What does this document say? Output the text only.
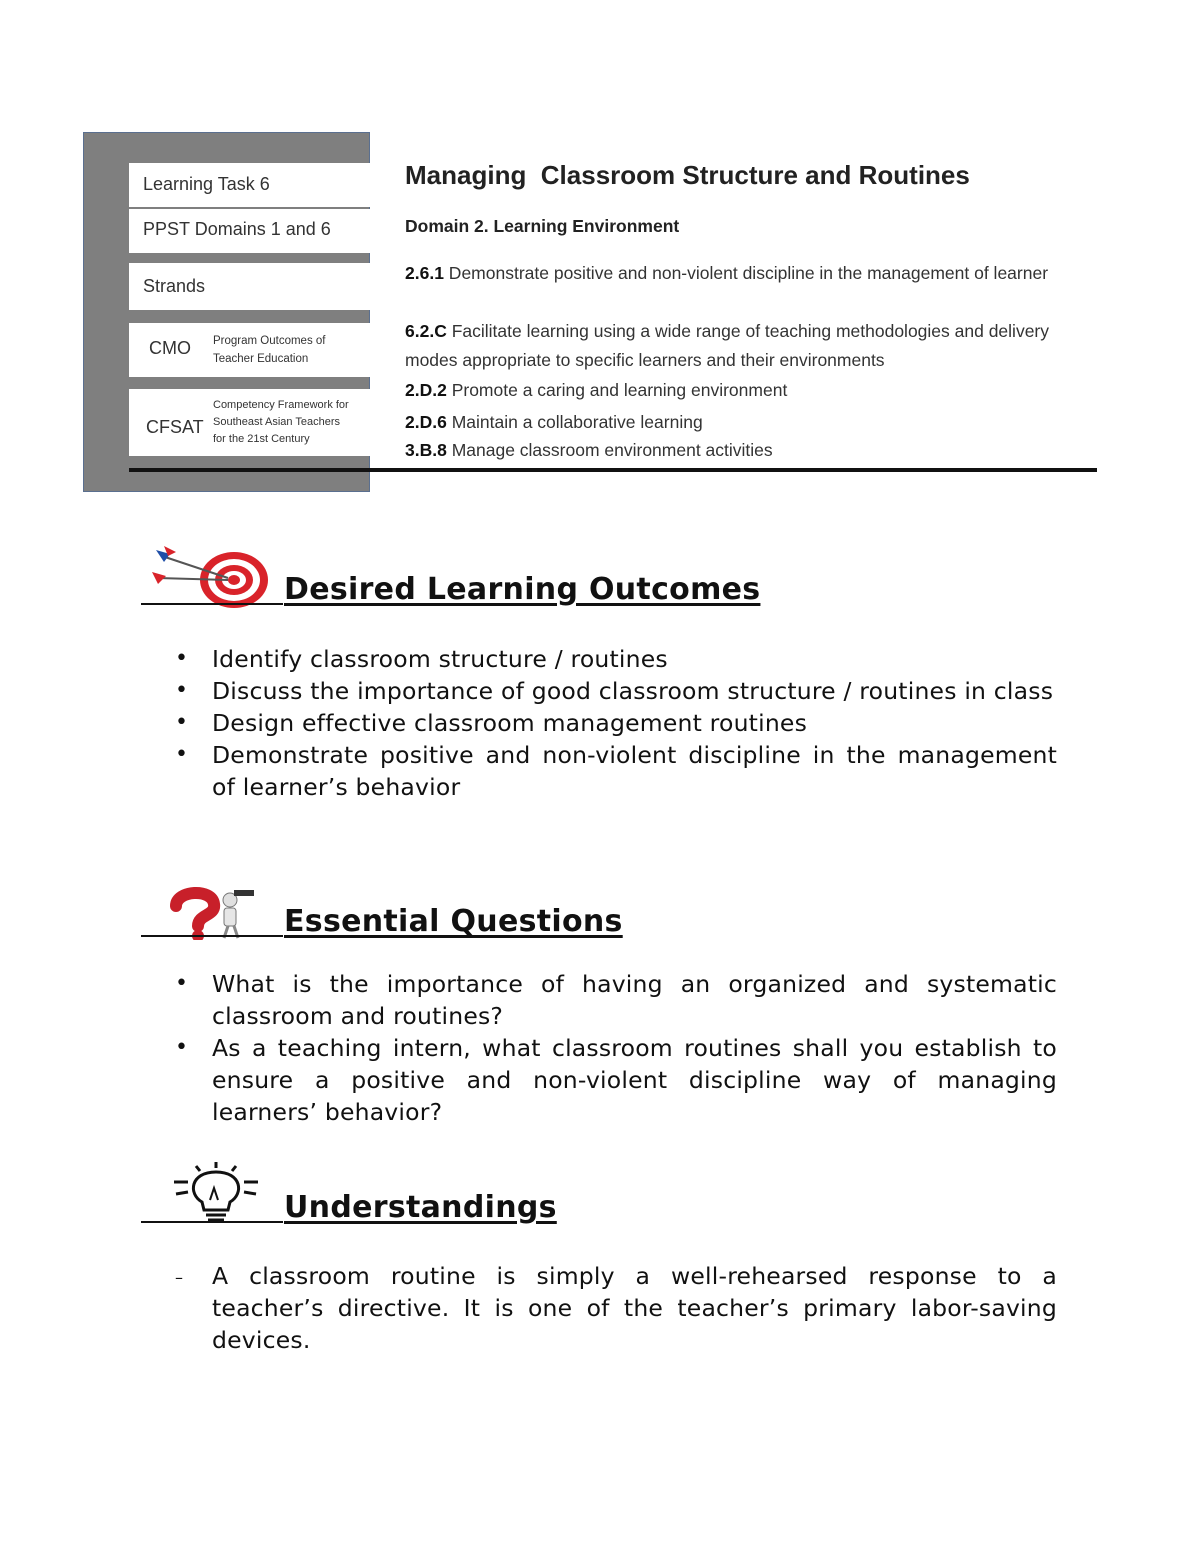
Learning Task 6
PPST Domains 1 and 6
Strands
CMO Program Outcomes of Teacher Education
CFSAT
Competency Framework for
Southeast Asian Teachers
for the 21st Century
Managing  Classroom Structure and Routines
Domain 2. Learning Environment
2.6.1 Demonstrate positive and non-violent discipline in the management of learner
6.2.C Facilitate learning using a wide range of teaching methodologies and delivery modes appropriate to specific learners and their environments
2.D.2 Promote a caring and learning environment
2.D.6 Maintain a collaborative learning
3.B.8 Manage classroom environment activities
Desired Learning Outcomes
• Identify classroom structure / routines
• Discuss the importance of good classroom structure / routines in class
• Design effective classroom management routines
• Demonstrate positive and non-violent discipline in the management of learner’s behavior
Essential Questions
• What is the importance of having an organized and systematic classroom and routines?
• As a teaching intern, what classroom routines shall you establish to ensure a positive and non-violent discipline way of managing learners’ behavior?
Understandings
– A classroom routine is simply a well-rehearsed response to a teacher’s directive. It is one of the teacher’s primary labor-saving devices.
